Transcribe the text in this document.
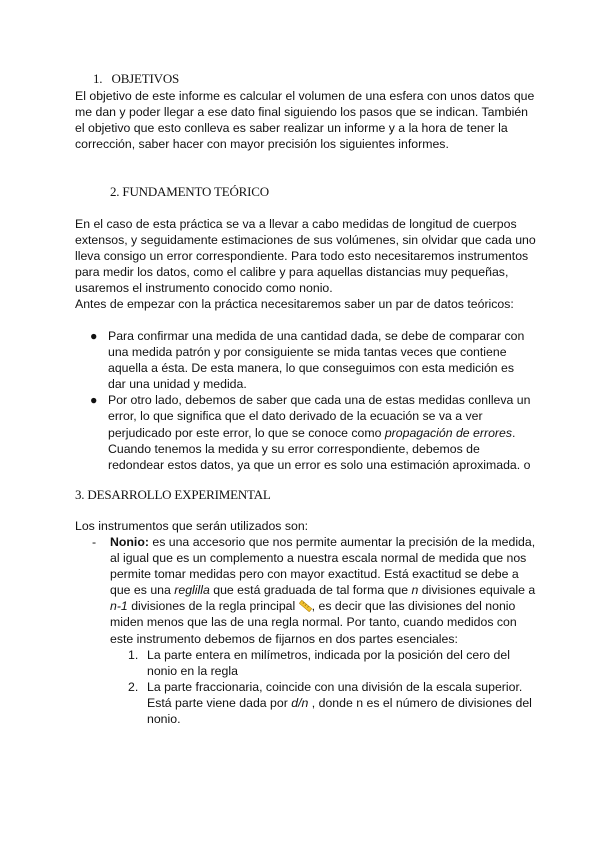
1. OBJETIVOS
El objetivo de este informe es calcular el volumen de una esfera con unos datos que
me dan y poder llegar a ese dato final siguiendo los pasos que se indican. También
el objetivo que esto conlleva es saber realizar un informe y a la hora de tener la
corrección, saber hacer con mayor precisión los siguientes informes.
2. FUNDAMENTO TEÓRICO
En el caso de esta práctica se va a llevar a cabo medidas de longitud de cuerpos
extensos, y seguidamente estimaciones de sus volúmenes, sin olvidar que cada uno
lleva consigo un error correspondiente. Para todo esto necesitaremos instrumentos
para medir los datos, como el calibre y para aquellas distancias muy pequeñas,
usaremos el instrumento conocido como nonio.
Antes de empezar con la práctica necesitaremos saber un par de datos teóricos:
● Para confirmar una medida de una cantidad dada, se debe de comparar con
una medida patrón y por consiguiente se mida tantas veces que contiene
aquella a ésta. De esta manera, lo que conseguimos con esta medición es
dar una unidad y medida.
● Por otro lado, debemos de saber que cada una de estas medidas conlleva un
error, lo que significa que el dato derivado de la ecuación se va a ver
perjudicado por este error, lo que se conoce como propagación de errores.
Cuando tenemos la medida y su error correspondiente, debemos de
redondear estos datos, ya que un error es solo una estimación aproximada. o
3. DESARROLLO EXPERIMENTAL
Los instrumentos que serán utilizados son:
- Nonio: es una accesorio que nos permite aumentar la precisión de la medida,
al igual que es un complemento a nuestra escala normal de medida que nos
permite tomar medidas pero con mayor exactitud. Está exactitud se debe a
que es una reglilla que está graduada de tal forma que n divisiones equivale a
n-1 divisiones de la regla principal , es decir que las divisiones del nonio
miden menos que las de una regla normal. Por tanto, cuando medidos con
este instrumento debemos de fijarnos en dos partes esenciales:
1. La parte entera en milímetros, indicada por la posición del cero del
nonio en la regla
2. La parte fraccionaria, coincide con una división de la escala superior.
Está parte viene dada por d/n , donde n es el número de divisiones del
nonio.
